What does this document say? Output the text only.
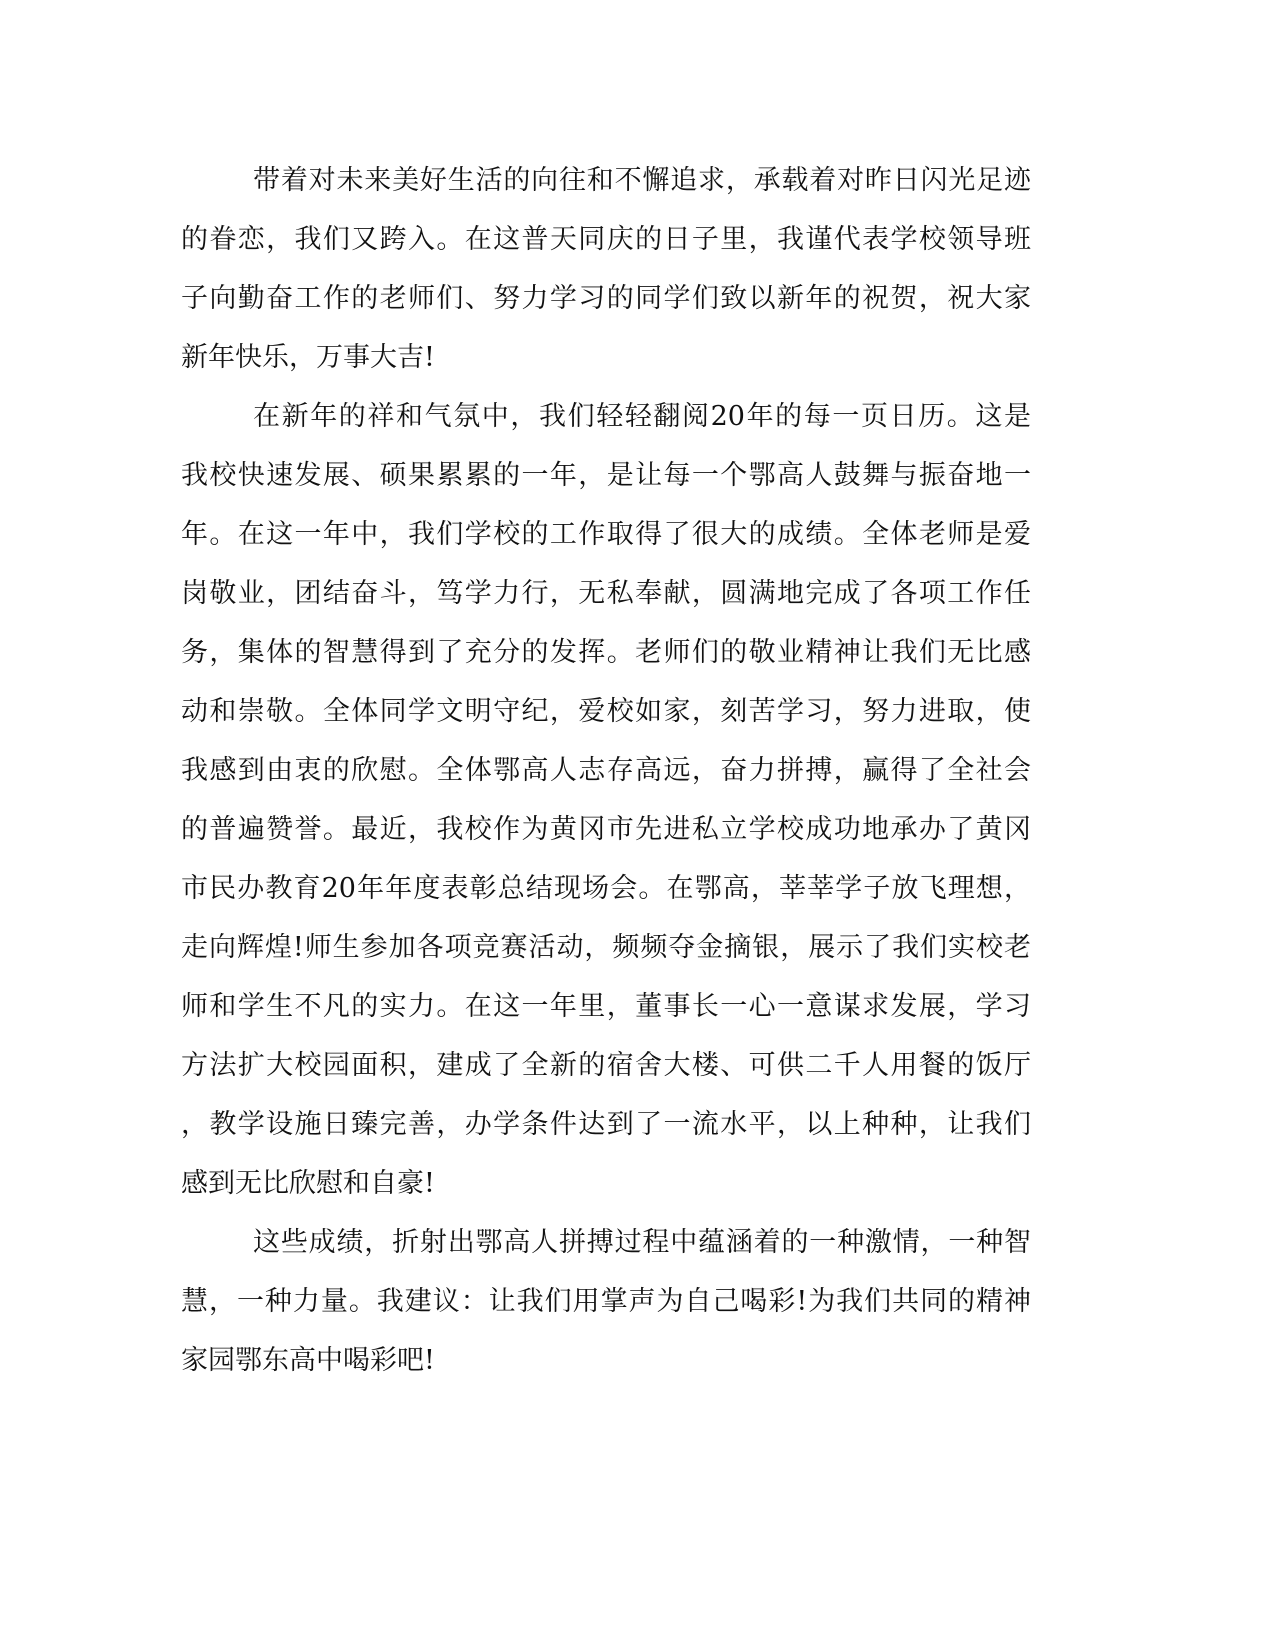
带着对未来美好生活的向往和不懈追求，承载着对昨日闪光足迹
的眷恋，我们又跨入。在这普天同庆的日子里，我谨代表学校领导班
子向勤奋工作的老师们、努力学习的同学们致以新年的祝贺，祝大家
新年快乐，万事大吉!
在新年的祥和气氛中，我们轻轻翻阅20年的每一页日历。这是
我校快速发展、硕果累累的一年，是让每一个鄂高人鼓舞与振奋地一
年。在这一年中，我们学校的工作取得了很大的成绩。全体老师是爱
岗敬业，团结奋斗，笃学力行，无私奉献，圆满地完成了各项工作任
务，集体的智慧得到了充分的发挥。老师们的敬业精神让我们无比感
动和崇敬。全体同学文明守纪，爱校如家，刻苦学习，努力进取，使
我感到由衷的欣慰。全体鄂高人志存高远，奋力拼搏，赢得了全社会
的普遍赞誉。最近，我校作为黄冈市先进私立学校成功地承办了黄冈
市民办教育20年年度表彰总结现场会。在鄂高，莘莘学子放飞理想，
走向辉煌!师生参加各项竞赛活动，频频夺金摘银，展示了我们实校老
师和学生不凡的实力。在这一年里，董事长一心一意谋求发展，学习
方法扩大校园面积，建成了全新的宿舍大楼、可供二千人用餐的饭厅
，教学设施日臻完善，办学条件达到了一流水平，以上种种，让我们
感到无比欣慰和自豪!
这些成绩，折射出鄂高人拼搏过程中蕴涵着的一种激情，一种智
慧，一种力量。我建议：让我们用掌声为自己喝彩!为我们共同的精神
家园鄂东高中喝彩吧!
